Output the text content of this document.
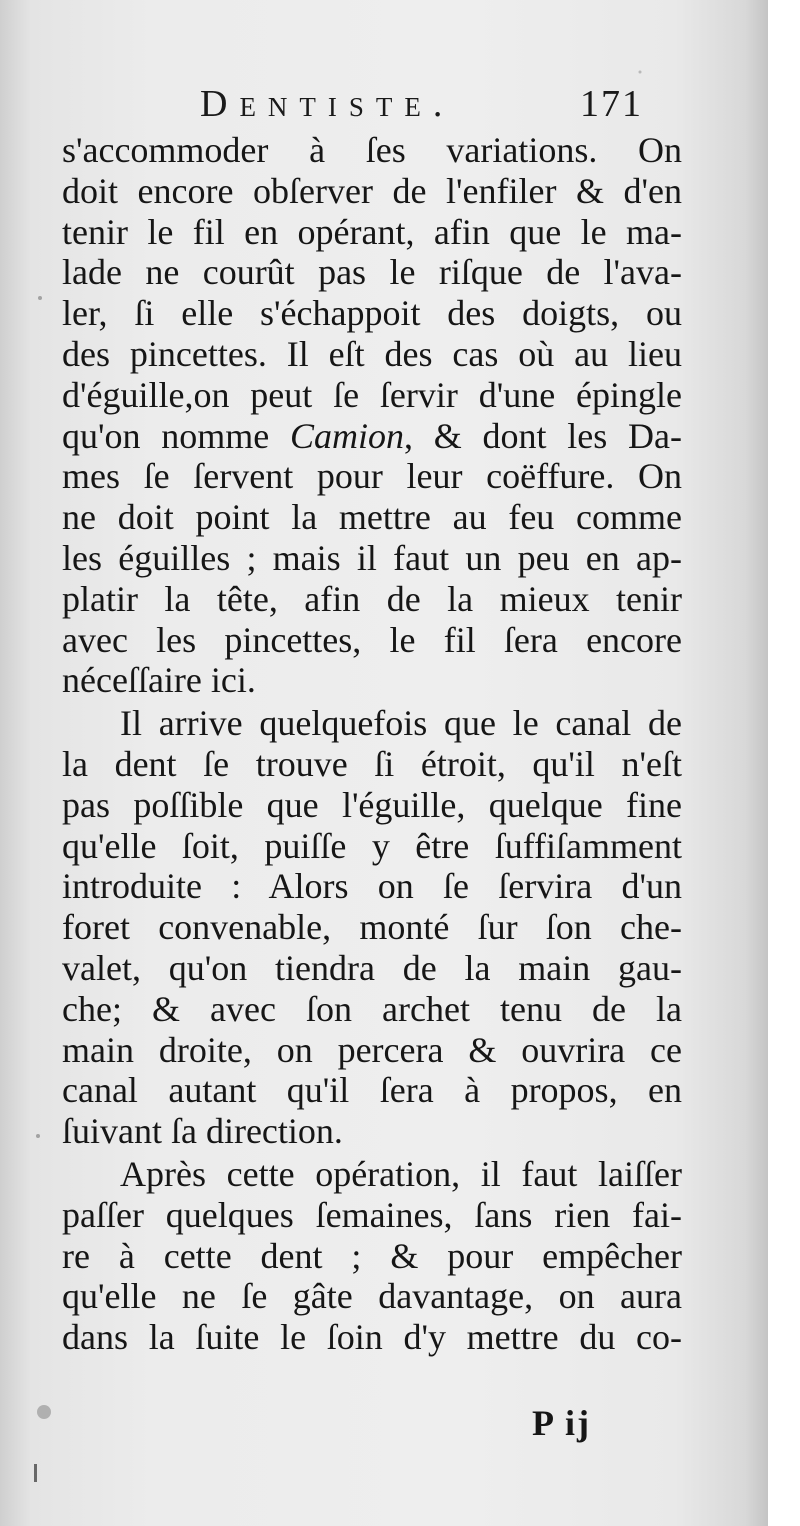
Dentiste.	171
s'accommoder à ſes variations. On
doit encore obſerver de l'enfiler & d'en
tenir le fil en opérant, afin que le ma-
lade ne courût pas le riſque de l'ava-
ler, ſi elle s'échappoit des doigts, ou
des pincettes. Il eſt des cas où au lieu
d'éguille,on peut ſe ſervir d'une épingle
qu'on nomme Camion, & dont les Da-
mes ſe ſervent pour leur coëffure. On
ne doit point la mettre au feu comme
les éguilles ; mais il faut un peu en ap-
platir la tête, afin de la mieux tenir
avec les pincettes, le fil ſera encore
néceſſaire ici.
Il arrive quelquefois que le canal de
la dent ſe trouve ſi étroit, qu'il n'eſt
pas poſſible que l'éguille, quelque fine
qu'elle ſoit, puiſſe y être ſuffiſamment
introduite : Alors on ſe ſervira d'un
foret convenable, monté ſur ſon che-
valet, qu'on tiendra de la main gau-
che; & avec ſon archet tenu de la
main droite, on percera & ouvrira ce
canal autant qu'il ſera à propos, en
ſuivant ſa direction.
Après cette opération, il faut laiſſer
paſſer quelques ſemaines, ſans rien fai-
re à cette dent ; & pour empêcher
qu'elle ne ſe gâte davantage, on aura
dans la ſuite le ſoin d'y mettre du co-
P ij
